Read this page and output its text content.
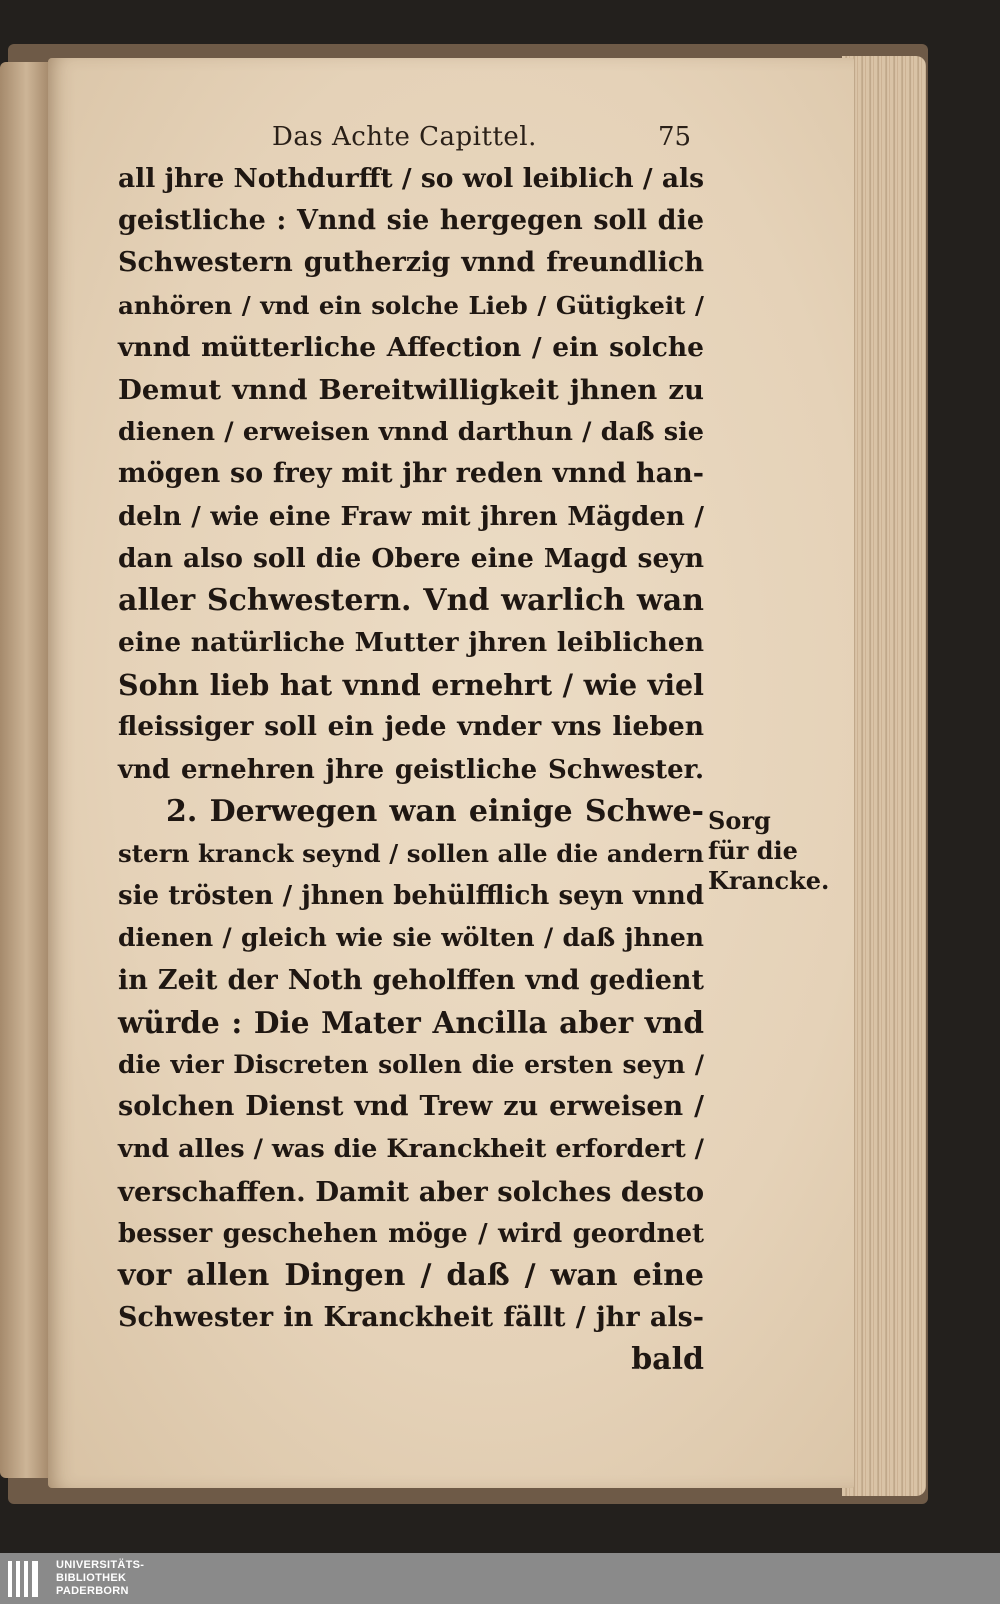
Das Achte Capittel.	75
all jhre Nothdurfft / so wol leiblich / als
geistliche : Vnnd sie hergegen soll die
Schwestern gutherzig vnnd freundlich
anhören / vnd ein solche Lieb / Gütigkeit /
vnnd mütterliche Affection / ein solche
Demut vnnd Bereitwilligkeit jhnen zu
dienen / erweisen vnnd darthun / daß sie
mögen so frey mit jhr reden vnnd han-
deln / wie eine Fraw mit jhren Mägden /
dan also soll die Obere eine Magd seyn
aller Schwestern. Vnd warlich wan
eine natürliche Mutter jhren leiblichen
Sohn lieb hat vnnd ernehrt / wie viel
fleissiger soll ein jede vnder vns lieben
vnd ernehren jhre geistliche Schwester.
2. Derwegen wan einige Schwe-
stern kranck seynd / sollen alle die andern
sie trösten / jhnen behülfflich seyn vnnd
dienen / gleich wie sie wölten / daß jhnen
in Zeit der Noth geholffen vnd gedient
würde : Die Mater Ancilla aber vnd
die vier Discreten sollen die ersten seyn /
solchen Dienst vnd Trew zu erweisen /
vnd alles / was die Kranckheit erfordert /
verschaffen. Damit aber solches desto
besser geschehen möge / wird geordnet
vor allen Dingen / daß / wan eine
Schwester in Kranckheit fällt / jhr als-
bald
Sorg
für die
Krancke.
UNIVERSITÄTS-
BIBLIOTHEK
PADERBORN
